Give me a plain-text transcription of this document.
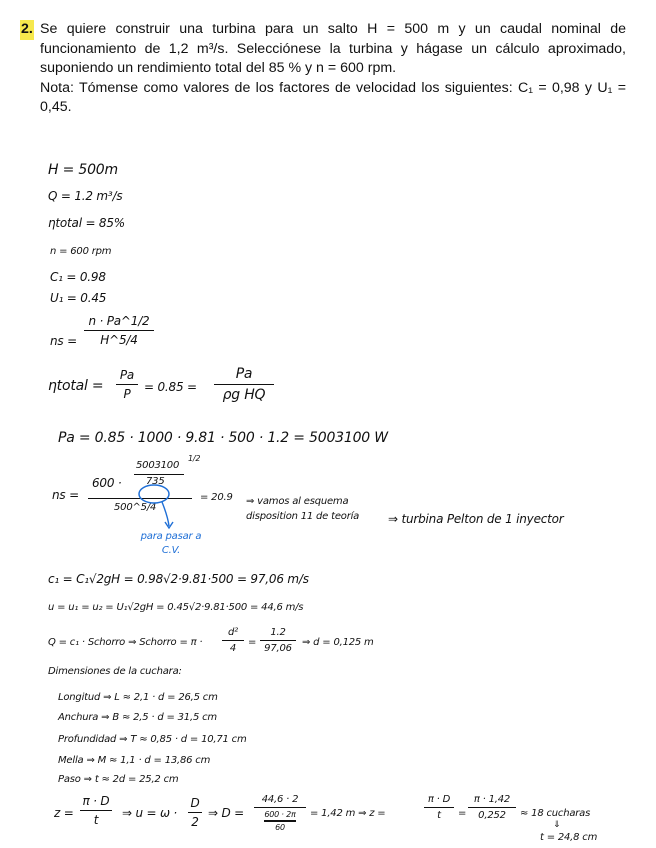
2. Se quiere construir una turbina para un salto H = 500 m y un caudal nominal de funcionamiento de 1,2 m³/s. Selecciónese la turbina y hágase un cálculo aproximado, suponiendo un rendimiento total del 85 % y n = 600 rpm.

Nota: Tómense como valores de los factores de velocidad los siguientes: C₁ = 0,98 y U₁ = 0,45.

H = 500m
Q = 1.2 m³/s
ηtotal = 85%
n = 600 rpm
C₁ = 0.98
U₁ = 0.45
ns =
n · Pa^1/2
H^5/4
ηtotal =
Pa
P
= 0.85 =
Pa
ρg HQ
Pa = 0.85 · 1000 · 9.81 · 500 · 1.2 = 5003100 W
ns =
600 ·
5003100
735
1/2
500^5/4
= 20.9 ⇒ vamos al esquema disposition 11 de teoría	⇒ turbina Pelton de 1 inyector
para pasar a C.V.
c₁ = C₁√2gH = 0.98√2·9.81·500 = 97,06 m/s
u = u₁ = u₂ = U₁√2gH = 0.45√2·9.81·500 = 44,6 m/s
Q = c₁ · Schorro ⇒ Schorro = π ·
d²
4
=
1.2
97,06
⇒ d = 0,125 m
Dimensiones de la cuchara:
Longitud ⇒ L ≈ 2,1 · d = 26,5 cm
Anchura ⇒ B ≈ 2,5 · d = 31,5 cm
Profundidad ⇒ T ≈ 0,85 · d = 10,71 cm
Mella ⇒ M ≈ 1,1 · d = 13,86 cm
Paso ⇒ t ≈ 2d = 25,2 cm
z =
π · D
t
⇒ u = ω ·
D
2
⇒ D =
44,6 · 2
600 · 2π
60
= 1,42 m ⇒ z =
π · D
t	=
π · 1,42
0,252	≈ 18 cucharas
⇓
t = 24,8 cm
